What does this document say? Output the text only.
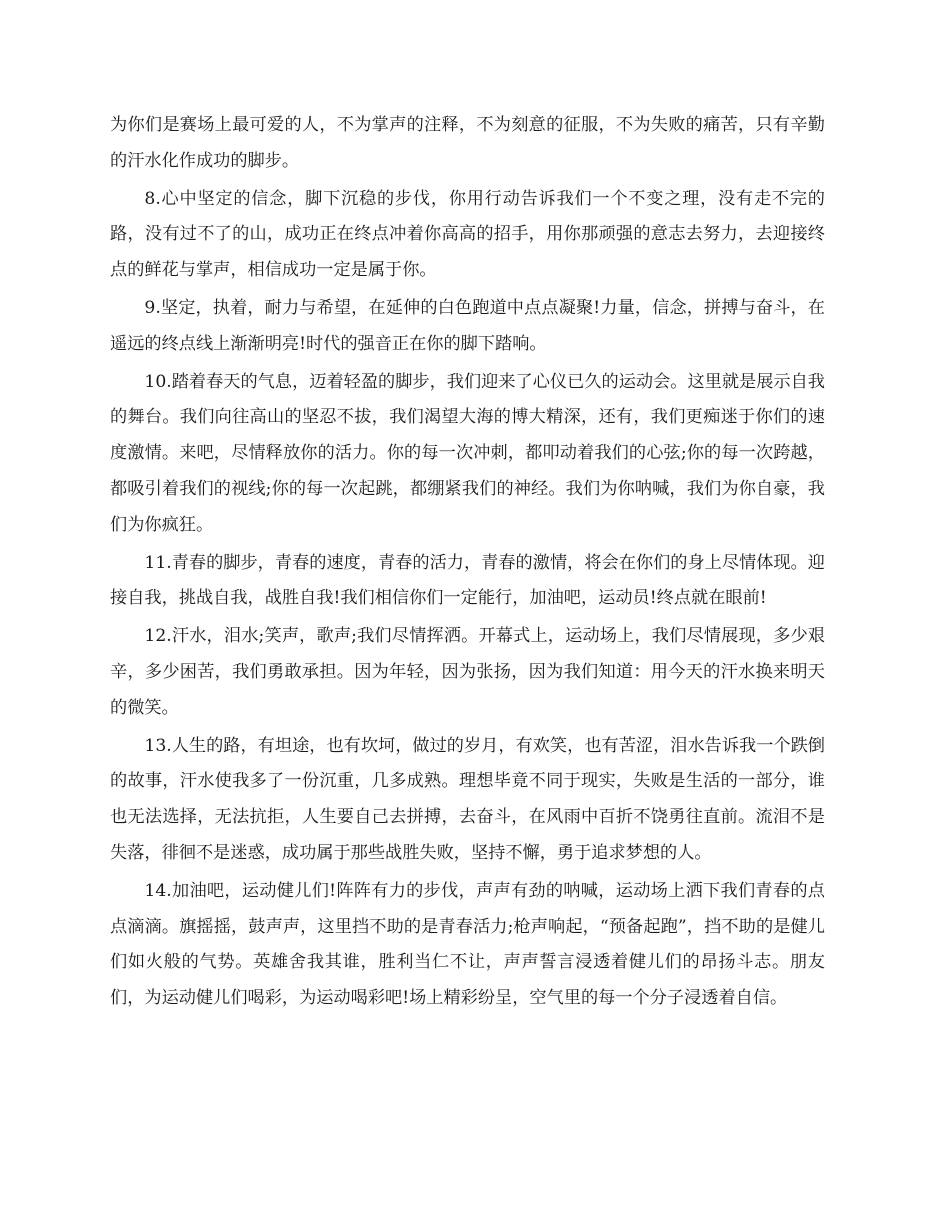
为你们是赛场上最可爱的人，不为掌声的注释，不为刻意的征服，不为失败的痛苦，只有辛勤的汗水化作成功的脚步。

8.心中坚定的信念，脚下沉稳的步伐，你用行动告诉我们一个不变之理，没有走不完的路，没有过不了的山，成功正在终点冲着你高高的招手，用你那顽强的意志去努力，去迎接终点的鲜花与掌声，相信成功一定是属于你。

9.坚定，执着，耐力与希望，在延伸的白色跑道中点点凝聚!力量，信念，拼搏与奋斗，在遥远的终点线上渐渐明亮!时代的强音正在你的脚下踏响。

10.踏着春天的气息，迈着轻盈的脚步，我们迎来了心仪已久的运动会。这里就是展示自我的舞台。我们向往高山的坚忍不拔，我们渴望大海的博大精深，还有，我们更痴迷于你们的速度激情。来吧，尽情释放你的活力。你的每一次冲刺，都叩动着我们的心弦;你的每一次跨越，都吸引着我们的视线;你的每一次起跳，都绷紧我们的神经。我们为你呐喊，我们为你自豪，我们为你疯狂。

11.青春的脚步，青春的速度，青春的活力，青春的激情，将会在你们的身上尽情体现。迎接自我，挑战自我，战胜自我!我们相信你们一定能行，加油吧，运动员!终点就在眼前!

12.汗水，泪水;笑声，歌声;我们尽情挥洒。开幕式上，运动场上，我们尽情展现，多少艰辛，多少困苦，我们勇敢承担。因为年轻，因为张扬，因为我们知道：用今天的汗水换来明天的微笑。

13.人生的路，有坦途，也有坎坷，做过的岁月，有欢笑，也有苦涩，泪水告诉我一个跌倒的故事，汗水使我多了一份沉重，几多成熟。理想毕竟不同于现实，失败是生活的一部分，谁也无法选择，无法抗拒，人生要自己去拼搏，去奋斗，在风雨中百折不饶勇往直前。流泪不是失落，徘徊不是迷惑，成功属于那些战胜失败，坚持不懈，勇于追求梦想的人。

14.加油吧，运动健儿们!阵阵有力的步伐，声声有劲的呐喊，运动场上洒下我们青春的点点滴滴。旗摇摇，鼓声声，这里挡不助的是青春活力;枪声响起，“预备起跑”，挡不助的是健儿们如火般的气势。英雄舍我其谁，胜利当仁不让，声声誓言浸透着健儿们的昂扬斗志。朋友们，为运动健儿们喝彩，为运动喝彩吧!场上精彩纷呈，空气里的每一个分子浸透着自信。
